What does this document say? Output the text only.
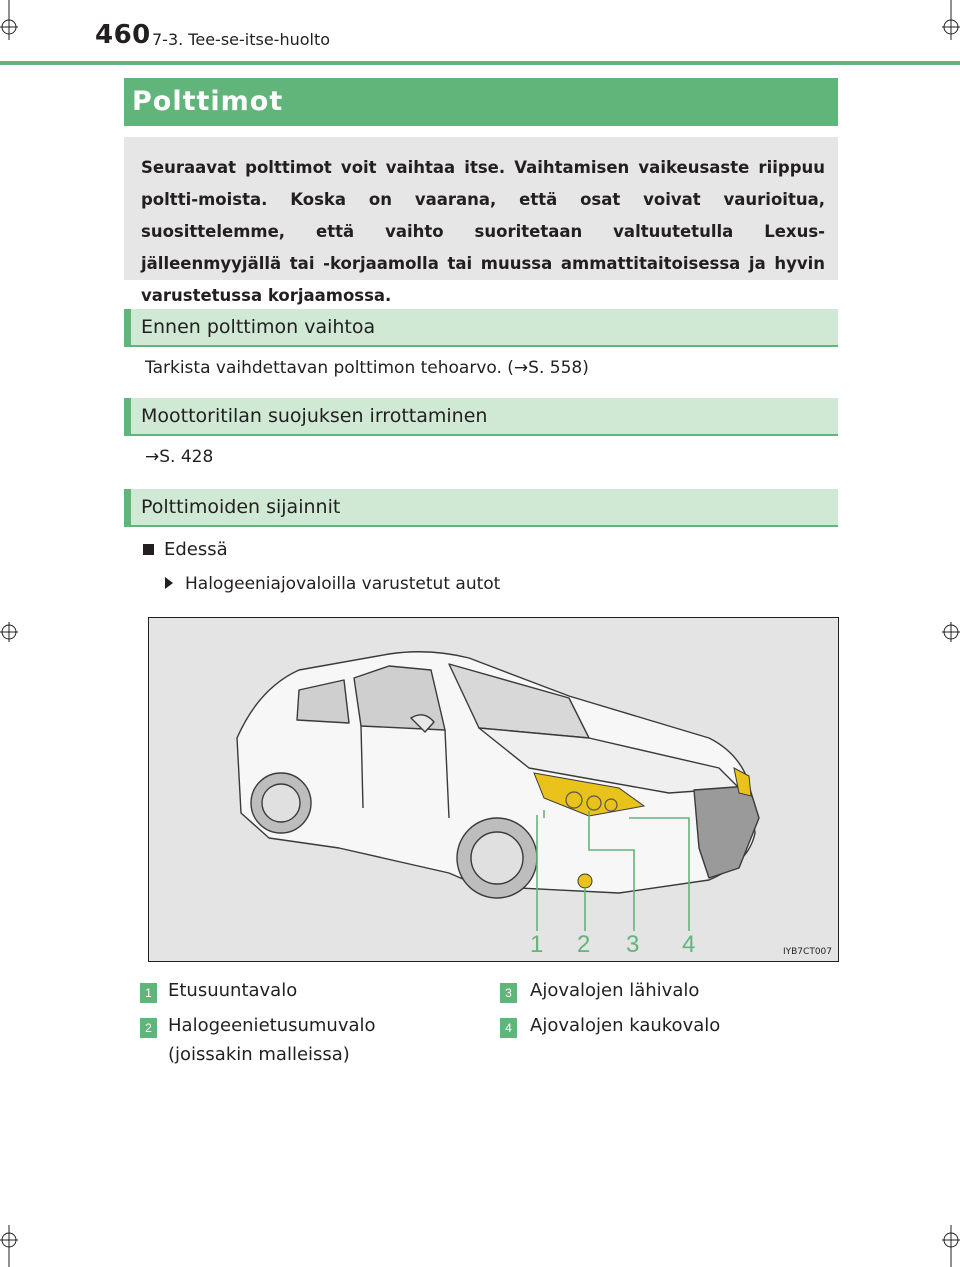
460 7-3. Tee-se-itse-huolto
Polttimot
Seuraavat polttimot voit vaihtaa itse. Vaihtamisen vaikeusaste riippuu poltti-moista. Koska on vaarana, että osat voivat vaurioitua, suosittelemme, että vaihto suoritetaan valtuutetulla Lexus-jälleenmyyjällä tai -korjaamolla tai muussa ammattitaitoisessa ja hyvin varustetussa korjaamossa.
Ennen polttimon vaihtoa
Tarkista vaihdettavan polttimon tehoarvo. (→S. 558)
Moottoritilan suojuksen irrottaminen
→S. 428
Polttimoiden sijainnit
Edessä
Halogeeniajovaloilla varustetut autot
1 2 3 4	IYB7CT007
1 Etusuuntavalo
2 Halogeenietusumuvalo
(joissakin malleissa)
3 Ajovalojen lähivalo
4 Ajovalojen kaukovalo
